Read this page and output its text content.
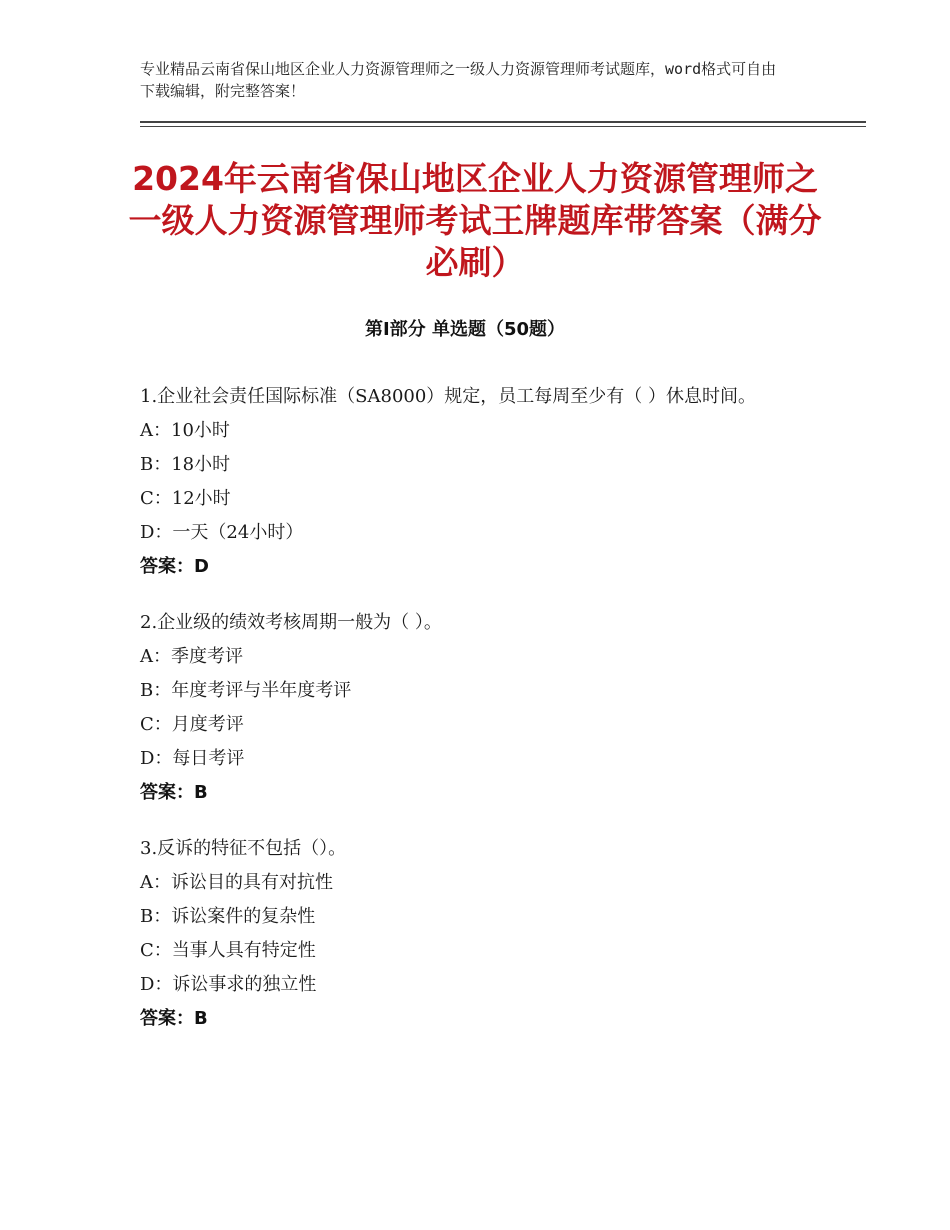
专业精品云南省保山地区企业人力资源管理师之一级人力资源管理师考试题库，word格式可自由下载编辑，附完整答案！
2024年云南省保山地区企业人力资源管理师之一级人力资源管理师考试王牌题库带答案（满分必刷）
第Ⅰ部分 单选题（50题）
1.企业社会责任国际标准（SA8000）规定，员工每周至少有（ ）休息时间。
A：10小时
B：18小时
C：12小时
D：一天（24小时）
答案：D
2.企业级的绩效考核周期一般为（ ）。
A：季度考评
B：年度考评与半年度考评
C：月度考评
D：每日考评
答案：B
3.反诉的特征不包括（）。
A：诉讼目的具有对抗性
B：诉讼案件的复杂性
C：当事人具有特定性
D：诉讼事求的独立性
答案：B
